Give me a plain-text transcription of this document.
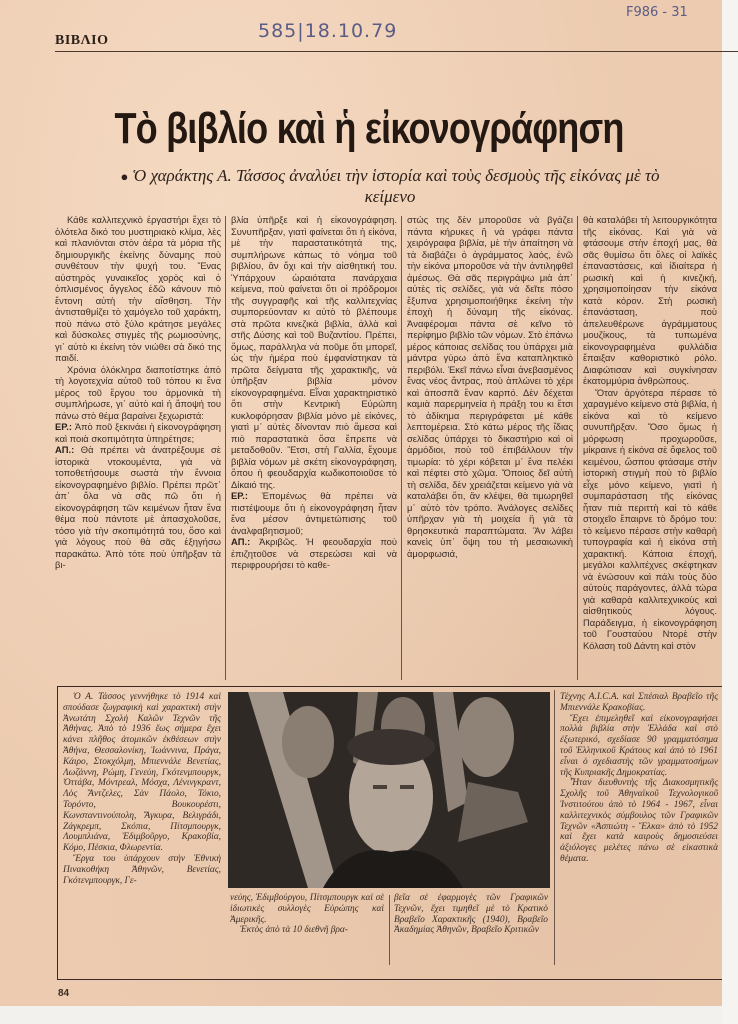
ΒΙΒΛΙΟ	585|18.10.79
F986 - 31
Τὸ βιβλίο καὶ ἡ εἰκονογράφηση
● Ὁ χαράκτης Α. Τάσσος ἀναλύει τὴν ἱστορία καὶ τοὺς δεσμοὺς τῆς εἰκόνας μὲ τὸ κείμενο

Κάθε καλλιτεχνικὸ ἐργαστήρι ἔχει τὸ ὁλότελα δικό του μυστηριακὸ κλίμα, λὲς καὶ πλανιόνται στὸν ἀέρα τὰ μόρια τῆς δημιουργικῆς ἐκείνης δύναμης ποὺ συνθέτουν τὴν ψυχή του. Ἕνας αὐστηρὸς γυναικεῖος χορὸς καὶ ὁ ὁπλισμένος ἄγγελος ἐδῶ κάνουν πιὸ ἔντονη αὐτὴ τὴν αἴσθηση. Τὴν ἀντισταθμίζει τὸ χαμόγελο τοῦ χαράκτη, ποὺ πάνω στὸ ξύλο κράτησε μεγάλες καὶ δύσκολες στιγμὲς τῆς ρωμιοσύνης, γι᾽ αὐτὸ κι ἐκείνη τὸν νιώθει σὰ δικό της παιδί.

Χρόνια ὁλόκληρα διαποτίστηκε ἀπὸ τὴ λογοτεχνία αὐτοῦ τοῦ τόπου κι ἕνα μέρος τοῦ ἔργου του ἁρμονικὰ τὴ συμπλήρωσε, γι᾽ αὐτὸ καὶ ἡ ἄποψή του πάνω στὸ θέμα βαραίνει ξεχωριστά:

ΕΡ.: Ἀπὸ ποῦ ξεκινάει ἡ εἰκονογράφηση καὶ ποιὰ σκοπιμότητα ὑπηρέτησε;

ΑΠ.: Θὰ πρέπει νὰ ἀνατρέξουμε σὲ ἱστορικὰ ντοκουμέντα, γιὰ νὰ τοποθετήσουμε σωστὰ τὴν ἔννοια εἰκονογραφημένο βιβλίο. Πρέπει πρῶτ᾽ ἀπ᾽ ὅλα νὰ σᾶς πῶ ὅτι ἡ εἰκονογράφηση τῶν κειμένων ἦταν ἕνα θέμα ποὺ πάντοτε μὲ ἀπασχολοῦσε, τόσο γιὰ τὴν σκοπιμότητά του, ὅσο καὶ γιὰ λόγους ποὺ θὰ σᾶς ἐξηγήσω παρακάτω. Ἀπὸ τότε ποὺ ὑπῆρξαν τὰ βι-

βλία ὑπῆρξε καὶ ἡ εἰκονογράφηση. Συνυπῆρξαν, γιατὶ φαίνεται ὅτι ἡ εἰκόνα, μὲ τὴν παραστατικότητά της, συμπλήρωνε κάπως τὸ νόημα τοῦ βιβλίου, ἂν ὄχι καὶ τὴν αἰσθητική του. Ὑπάρχουν ὡραιότατα πανάρχαια κείμενα, ποὺ φαίνεται ὅτι οἱ πρόδρομοι τῆς συγγραφῆς καὶ τῆς καλλιτεχνίας συμπορεύονταν κι αὐτὸ τὸ βλέπουμε στὰ πρῶτα κινεζικὰ βιβλία, ἀλλὰ καὶ στῆς Δύσης καὶ τοῦ Βυζαντίου. Πρέπει, ὅμως, παράλληλα νὰ ποῦμε ὅτι μπορεῖ, ὡς τὴν ἡμέρα ποὺ ἐμφανίστηκαν τὰ πρῶτα δείγματα τῆς χαρακτικῆς, νὰ ὑπῆρξαν βιβλία μόνον εἰκονογραφημένα. Εἶναι χαρακτηριστικὸ ὅτι στὴν Κεντρικὴ Εὐρώπη κυκλοφόρησαν βιβλία μόνο μὲ εἰκόνες, γιατὶ μ᾽ αὐτὲς δίνονταν πιὸ ἄμεσα καὶ πιὸ παραστατικὰ ὅσα ἔπρεπε νὰ μεταδοθοῦν. Ἔτσι, στὴ Γαλλία, ἔχουμε βιβλία νόμων μὲ σκέτη εἰκονογράφηση, ὅπου ἡ φεουδαρχία κωδικοποιοῦσε τὸ Δίκαιό της.

ΕΡ.: Ἐπομένως θὰ πρέπει νὰ πιστέψουμε ὅτι ἡ εἰκονογράφηση ἦταν ἕνα μέσον ἀντιμετώπισης τοῦ ἀναλφαβητισμοῦ;

ΑΠ.: Ἀκριβῶς. Ἡ φεουδαρχία ποὺ ἐπιζητοῦσε νὰ στερεώσει καὶ νὰ περιφρουρήσει τὸ καθε-

στώς της δὲν μποροῦσε νὰ βγάζει πάντα κήρυκες ἢ νὰ γράφει πάντα χειρόγραφα βιβλία, μὲ τὴν ἀπαίτηση νὰ τὰ διαβάζει ὁ ἀγράμματος λαός, ἐνῶ τὴν εἰκόνα μποροῦσε νὰ τὴν ἀντιληφθεῖ ἀμέσως. Θὰ σᾶς περιγράψω μιὰ ἀπ᾽ αὐτὲς τὶς σελίδες, γιὰ νὰ δεῖτε πόσο ἔξυπνα χρησιμοποιήθηκε ἐκείνη τὴν ἐποχὴ ἡ δύναμη τῆς εἰκόνας. Ἀναφέρομαι πάντα σὲ κεῖνο τὸ περίφημο βιβλίο τῶν νόμων. Στὸ ἐπάνω μέρος κάποιας σελίδας του ὑπάρχει μιὰ μάντρα γύρω ἀπὸ ἕνα καταπληκτικὸ περιβόλι. Ἐκεῖ πάνω εἶναι ἀνεβασμένος ἕνας νέος ἄντρας, ποὺ ἁπλώνει τὸ χέρι καὶ ἀποσπᾶ ἕναν καρπό. Δὲν δέχεται καμιὰ παρερμηνεία ἡ πράξη του κι ἔτσι τὸ ἀδίκημα περιγράφεται μὲ κάθε λεπτομέρεια. Στὸ κάτω μέρος τῆς ἴδιας σελίδας ὑπάρχει τὸ δικαστήριο καὶ οἱ ἁρμόδιοι, ποὺ τοῦ ἐπιβάλλουν τὴν τιμωρία: τὸ χέρι κόβεται μ᾽ ἕνα πελέκι καὶ πέφτει στὸ χῶμα. Ὅποιος δεῖ αὐτὴ τὴ σελίδα, δὲν χρειάζεται κείμενο γιὰ νὰ καταλάβει ὅτι, ἂν κλέψει, θὰ τιμωρηθεῖ μ᾽ αὐτὸ τὸν τρόπο. Ἀνάλογες σελίδες ὑπῆρχαν γιὰ τὴ μοιχεία ἢ γιὰ τὰ θρησκευτικὰ παραπτώματα. Ἂν λάβει κανεὶς ὑπ᾽ ὄψη του τὴ μεσαιωνικὴ ἀμορφωσιά,

θὰ καταλάβει τὴ λειτουργικότητα τῆς εἰκόνας. Καὶ γιὰ νὰ φτάσουμε στὴν ἐποχή μας, θὰ σᾶς θυμίσω ὅτι ὅλες οἱ λαϊκὲς ἐπαναστάσεις, καὶ ἰδιαίτερα ἡ ρωσικὴ καὶ ἡ κινεζική, χρησιμοποίησαν τὴν εἰκόνα κατὰ κόρον. Στὴ ρωσικὴ ἐπανάσταση, ποὺ ἀπελευθέρωνε ἀγράμματους μουζίκους, τὰ τυπωμένα εἰκονογραφημένα φυλλάδια ἔπαιξαν καθοριστικὸ ρόλο. Διαφώτισαν καὶ συγκίνησαν ἑκατομμύρια ἀνθρώπους.

Ὅταν ἀργότερα πέρασε τὸ χαραγμένο κείμενο στὰ βιβλία, ἡ εἰκόνα καὶ τὸ κείμενο συνυπῆρξαν. Ὅσο ὅμως ἡ μόρφωση προχωροῦσε, μίκραινε ἡ εἰκόνα σὲ ὄφελος τοῦ κειμένου, ὥσπου φτάσαμε στὴν ἱστορικὴ στιγμὴ ποὺ τὸ βιβλίο εἶχε μόνο κείμενο, γιατὶ ἡ συμπαράσταση τῆς εἰκόνας ἦταν πιὰ περιττὴ καὶ τὸ κάθε στοιχεῖο ἔπαιρνε τὸ δρόμο του: τὸ κείμενο πέρασε στὴν καθαρὴ τυπογραφία καὶ ἡ εἰκόνα στὴ χαρακτική. Κάποια ἐποχή, μεγάλοι καλλιτέχνες σκέφτηκαν νὰ ἑνώσουν καὶ πάλι τοὺς δύο αὐτοὺς παράγοντες, ἀλλὰ τώρα γιὰ καθαρὰ καλλιτεχνικοὺς καὶ αἰσθητικοὺς λόγους. Παράδειγμα, ἡ εἰκονογράφηση τοῦ Γουσταύου Ντορὲ στὴν Κόλαση τοῦ Δάντη καὶ στὸν

Ὁ Α. Τάσσος γεννήθηκε τὸ 1914 καὶ σπούδασε ζωγραφικὴ καὶ χαρακτικὴ στὴν Ἀνωτάτη Σχολὴ Καλῶν Τεχνῶν τῆς Ἀθήνας. Ἀπὸ τὸ 1936 ἕως σήμερα ἔχει κάνει πλῆθος ἀτομικῶν ἐκθέσεων στὴν Ἀθήνα, Θεσσαλονίκη, Ἰωάννινα, Πράγα, Κάιρο, Στοκχόλμη, Μπιεννάλε Βενετίας, Λωζάννη, Ρώμη, Γενεύη, Γκότενμπουργκ, Ὀττάβα, Μόντρεαλ, Μόσχα, Λένινγκραντ, Λὸς Ἄντζελες, Σὰν Πάολο, Τόκιο, Τορόντο, Βουκουρέστι, Κωνσταντινούπολη, Ἄγκυρα, Βελιγράδι, Ζάγκρεμπ, Σκόπια, Πίτσμπουργκ, Λουμπλιάνα, Ἐδιμβοῦργο, Κρακοβία, Κόμο, Πέσκια, Φλωρεντία.

Ἔργα του ὑπάρχουν στὴν Ἐθνικὴ Πινακοθήκη Ἀθηνῶν, Βενετίας, Γκότενμπουργκ, Γε-

νεύης, Ἐδιμβούργου, Πίτσμπουργκ καὶ σὲ ἰδιωτικὲς συλλογὲς Εὐρώπης καὶ Ἀμερικῆς.

Ἐκτὸς ἀπὸ τὰ 10 διεθνῆ βρα-

βεῖα σὲ ἐφαρμογὲς τῶν Γραφικῶν Τεχνῶν, ἔχει τιμηθεῖ μὲ τὸ Κρατικὸ Βραβεῖο Χαρακτικῆς (1940), Βραβεῖο Ἀκαδημίας Ἀθηνῶν, Βραβεῖο Κριτικῶν

Τέχνης A.I.C.A. καὶ Σπέσιαλ Βραβεῖο τῆς Μπιεννάλε Κρακοβίας.

Ἔχει ἐπιμεληθεῖ καὶ εἰκονογραφήσει πολλὰ βιβλία στὴν Ἑλλάδα καὶ στὸ ἐξωτερικό, σχεδίασε 90 γραμματόσημα τοῦ Ἑλληνικοῦ Κράτους καὶ ἀπὸ τὸ 1961 εἶναι ὁ σχεδιαστὴς τῶν γραμματοσήμων τῆς Κυπριακῆς Δημοκρατίας.

Ἦταν διευθυντὴς τῆς Διακοσμητικῆς Σχολῆς τοῦ Ἀθηναϊκοῦ Τεχνολογικοῦ Ἰνστιτούτου ἀπὸ τὸ 1964 - 1967, εἶναι καλλιτεχνικὸς σύμβουλος τῶν Γραφικῶν Τεχνῶν «Ἀσπιώτη - Ἔλκα» ἀπὸ τὸ 1952 καὶ ἔχει κατὰ καιροὺς δημοσιεύσει ἀξιόλογες μελέτες πάνω σὲ εἰκαστικὰ θέματα.

84
